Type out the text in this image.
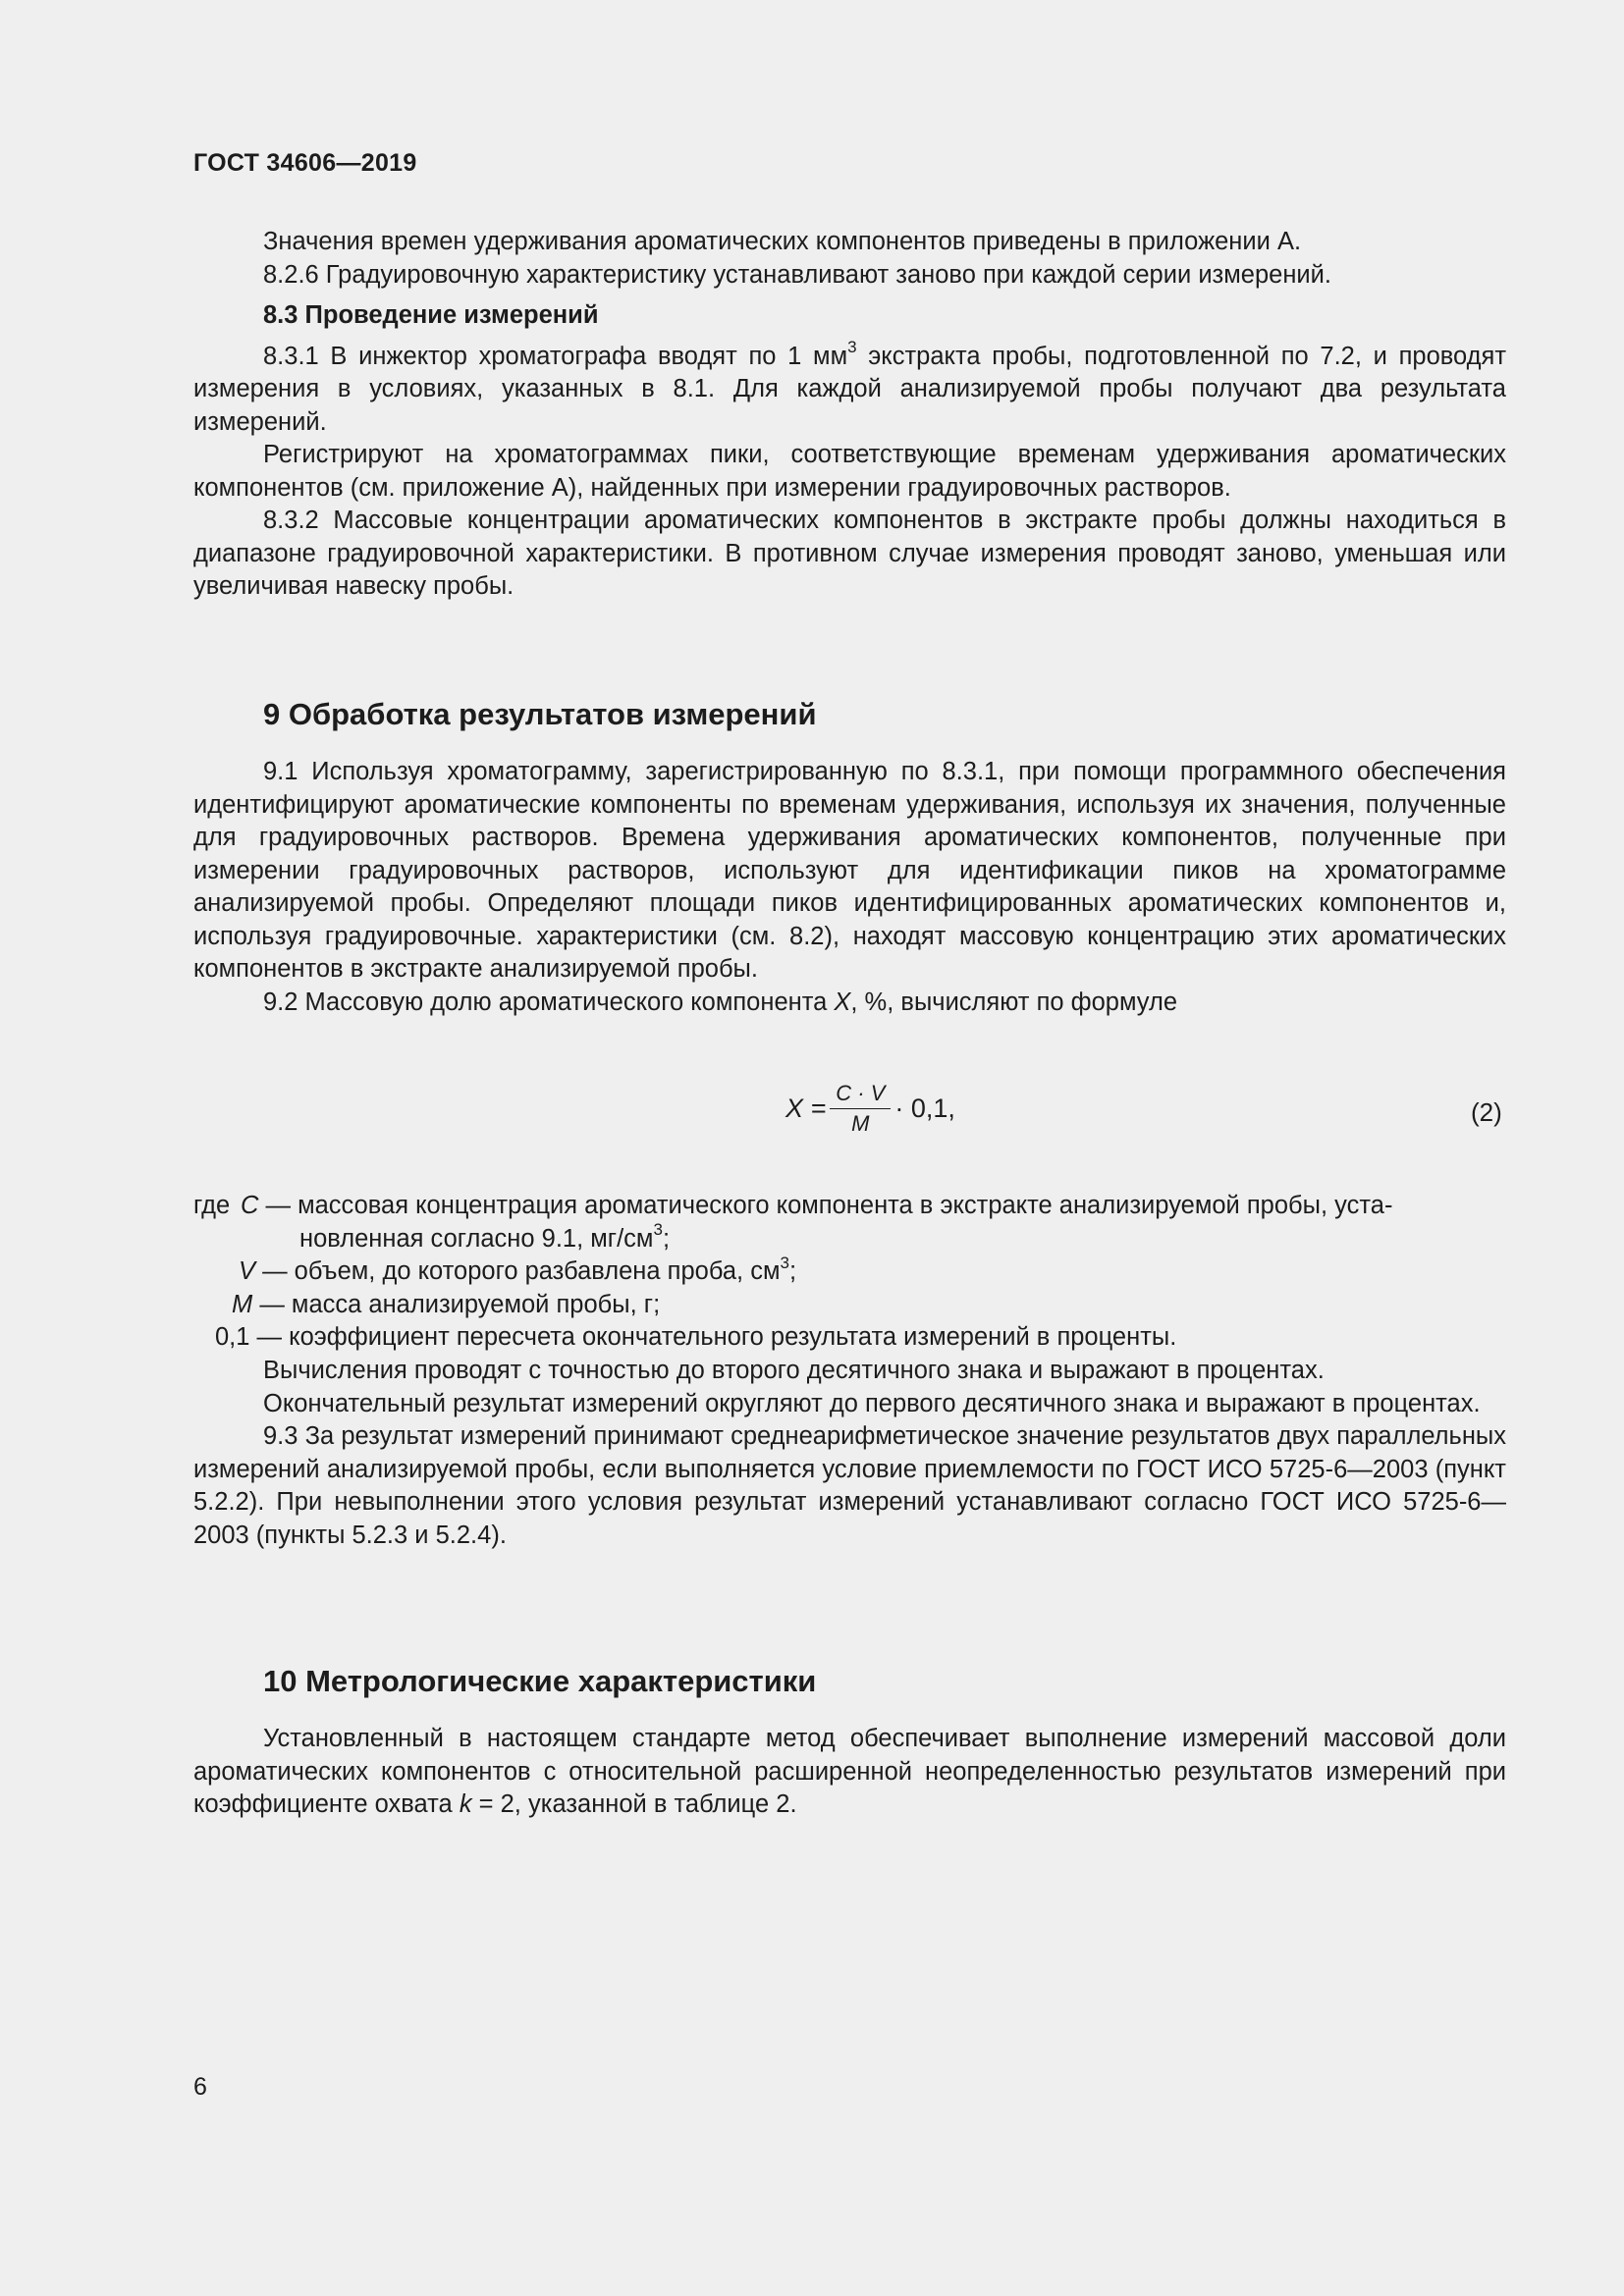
ГОСТ 34606—2019

Значения времен удерживания ароматических компонентов приведены в приложении А.

8.2.6 Градуировочную характеристику устанавливают заново при каждой серии измерений.

8.3 Проведение измерений

8.3.1 В инжектор хроматографа вводят по 1 $мм^3$ экстракта пробы, подготовленной по 7.2, и проводят измерения в условиях, указанных в 8.1. Для каждой анализируемой пробы получают два результата измерений.

Регистрируют на хроматограммах пики, соответствующие временам удерживания ароматических компонентов (см. приложение А), найденных при измерении градуировочных растворов.

8.3.2 Массовые концентрации ароматических компонентов в экстракте пробы должны находиться в диапазоне градуировочной характеристики. В противном случае измерения проводят заново, уменьшая или увеличивая навеску пробы.

9 Обработка результатов измерений

9.1 Используя хроматограмму, зарегистрированную по 8.3.1, при помощи программного обеспечения идентифицируют ароматические компоненты по временам удерживания, используя их значения, полученные для градуировочных растворов. Времена удерживания ароматических компонентов, полученные при измерении градуировочных растворов, используют для идентификации пиков на хроматограмме анализируемой пробы. Определяют площади пиков идентифицированных ароматических компонентов и, используя градуировочные. характеристики (см. 8.2), находят массовую концентрацию этих ароматических компонентов в экстракте анализируемой пробы.

9.2 Массовую долю ароматического компонента X, %, вычисляют по формуле

$X = \frac{C \cdot V}{M} \cdot 0,1$,	(2)
где C — массовая концентрация ароматического компонента в экстракте анализируемой пробы, уста-
новленная согласно 9.1, $мг/см^3$;
V — объем, до которого разбавлена проба, $см^3$;
M — масса анализируемой пробы, г;
0,1 — коэффициент пересчета окончательного результата измерений в проценты.

Вычисления проводят с точностью до второго десятичного знака и выражают в процентах.

Окончательный результат измерений округляют до первого десятичного знака и выражают в процентах.

9.3 За результат измерений принимают среднеарифметическое значение результатов двух параллельных измерений анализируемой пробы, если выполняется условие приемлемости по ГОСТ ИСО 5725-6—2003 (пункт 5.2.2). При невыполнении этого условия результат измерений устанавливают согласно ГОСТ ИСО 5725-6—2003 (пункты 5.2.3 и 5.2.4).

10 Метрологические характеристики

Установленный в настоящем стандарте метод обеспечивает выполнение измерений массовой доли ароматических компонентов с относительной расширенной неопределенностью результатов измерений при коэффициенте охвата k = 2, указанной в таблице 2.

6
